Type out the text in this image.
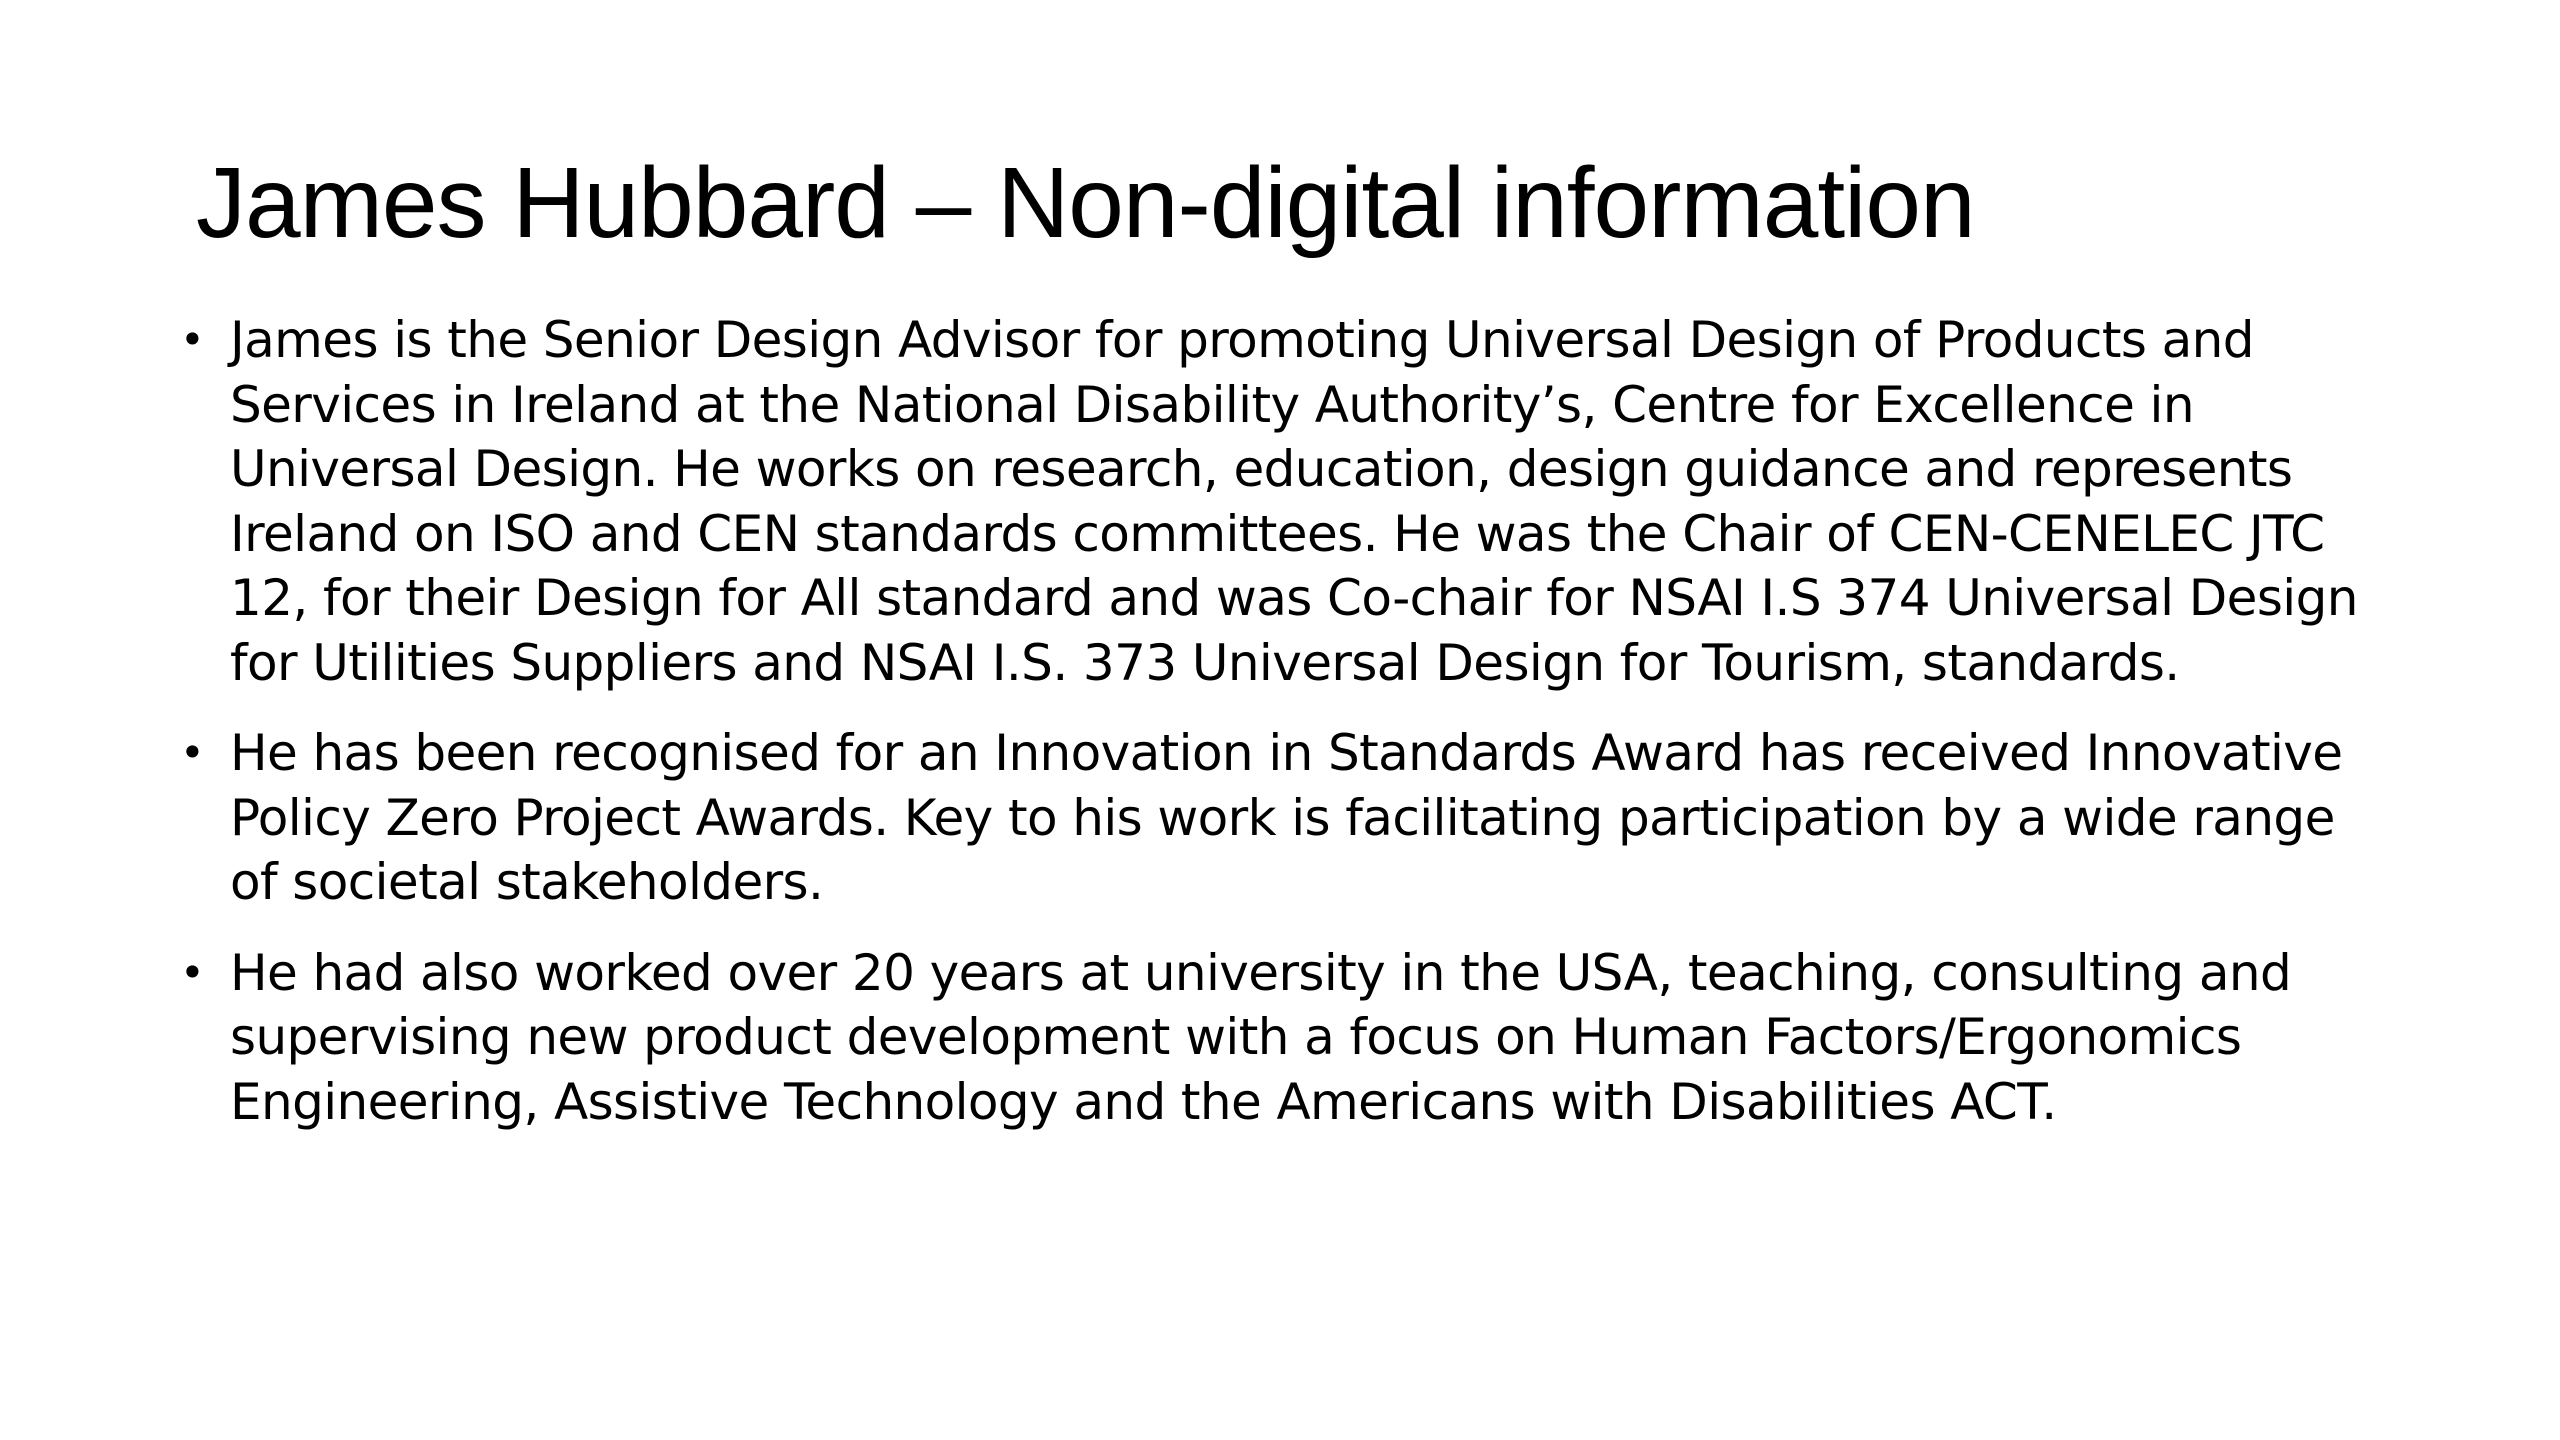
James Hubbard – Non-digital information
• James is the Senior Design Advisor for promoting Universal Design of Products and Services in Ireland at the National Disability Authority’s, Centre for Excellence in Universal Design. He works on research, education, design guidance and represents Ireland on ISO and CEN standards committees. He was the Chair of CEN-CENELEC JTC 12, for their Design for All standard and was Co-chair for NSAI I.S 374 Universal Design for Utilities Suppliers and NSAI I.S. 373 Universal Design for Tourism, standards.
• He has been recognised for an Innovation in Standards Award has received Innovative Policy Zero Project Awards. Key to his work is facilitating participation by a wide range of societal stakeholders.
• He had also worked over 20 years at university in the USA, teaching, consulting and supervising new product development with a focus on Human Factors/Ergonomics Engineering, Assistive Technology and the Americans with Disabilities ACT.
